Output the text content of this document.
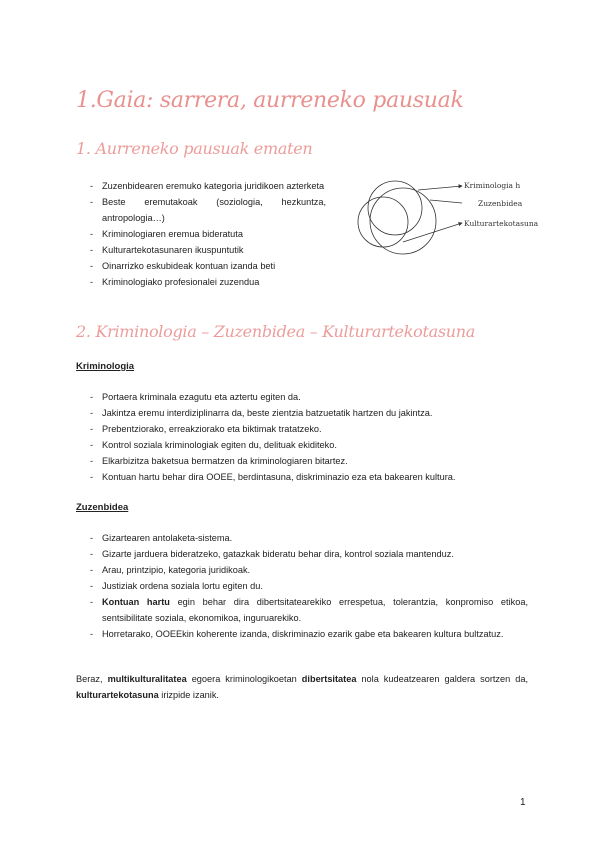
1.Gaia: sarrera, aurreneko pausuak
1. Aurreneko pausuak ematen
- Zuzenbidearen eremuko kategoria juridikoen azterketa
- Beste eremutakoak (soziologia, hezkuntza, antropologia…)
- Kriminologiaren eremua bideratuta
- Kulturartekotasunaren ikuspuntutik
- Oinarrizko eskubideak kontuan izanda beti
- Kriminologiako profesionalei zuzendua
Kriminologia h
Zuzenbidea
Kulturartekotasuna
2. Kriminologia – Zuzenbidea – Kulturartekotasuna

Kriminologia

- Portaera kriminala ezagutu eta aztertu egiten da.
- Jakintza eremu interdiziplinarra da, beste zientzia batzuetatik hartzen du jakintza.
- Prebentziorako, erreakziorako eta biktimak tratatzeko.
- Kontrol soziala kriminologiak egiten du, delituak ekiditeko.
- Elkarbizitza baketsua bermatzen da kriminologiaren bitartez.
- Kontuan hartu behar dira OOEE, berdintasuna, diskriminazio eza eta bakearen kultura.

Zuzenbidea

- Gizartearen antolaketa-sistema.
- Gizarte jarduera bideratzeko, gatazkak bideratu behar dira, kontrol soziala mantenduz.
- Arau, printzipio, kategoria juridikoak.
- Justiziak ordena soziala lortu egiten du.
- Kontuan hartu egin behar dira dibertsitatearekiko errespetua, tolerantzia, konpromiso etikoa, sentsibilitate soziala, ekonomikoa, inguruarekiko.
- Horretarako, OOEEkin koherente izanda, diskriminazio ezarik gabe eta bakearen kultura bultzatuz.

Beraz, multikulturalitatea egoera kriminologikoetan dibertsitatea nola kudeatzearen galdera sortzen da, kulturartekotasuna irizpide izanik.

1
